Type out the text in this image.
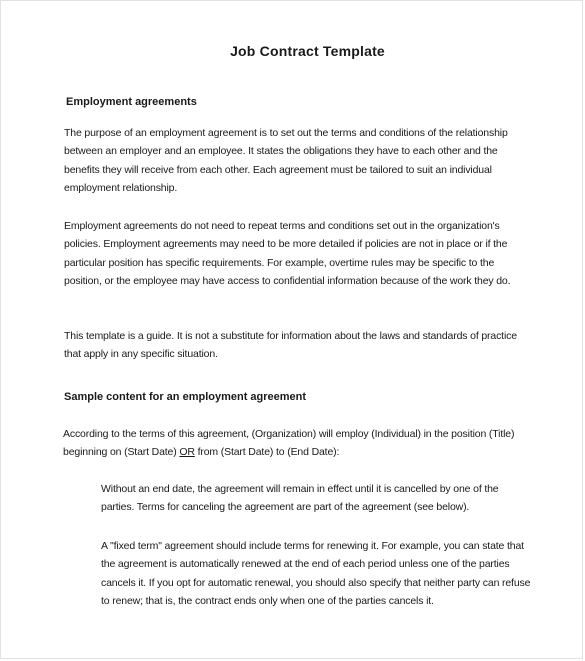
Job Contract Template
Employment agreements

The purpose of an employment agreement is to set out the terms and conditions of the relationship between an employer and an employee. It states the obligations they have to each other and the benefits they will receive from each other. Each agreement must be tailored to suit an individual employment relationship.

Employment agreements do not need to repeat terms and conditions set out in the organization's policies. Employment agreements may need to be more detailed if policies are not in place or if the particular position has specific requirements. For example, overtime rules may be specific to the position, or the employee may have access to confidential information because of the work they do.

This template is a guide. It is not a substitute for information about the laws and standards of practice that apply in any specific situation.

Sample content for an employment agreement

According to the terms of this agreement, (Organization) will employ (Individual) in the position (Title) beginning on (Start Date) OR from (Start Date) to (End Date):

Without an end date, the agreement will remain in effect until it is cancelled by one of the parties. Terms for canceling the agreement are part of the agreement (see below).

A "fixed term" agreement should include terms for renewing it. For example, you can state that the agreement is automatically renewed at the end of each period unless one of the parties cancels it. If you opt for automatic renewal, you should also specify that neither party can refuse to renew; that is, the contract ends only when one of the parties cancels it.
